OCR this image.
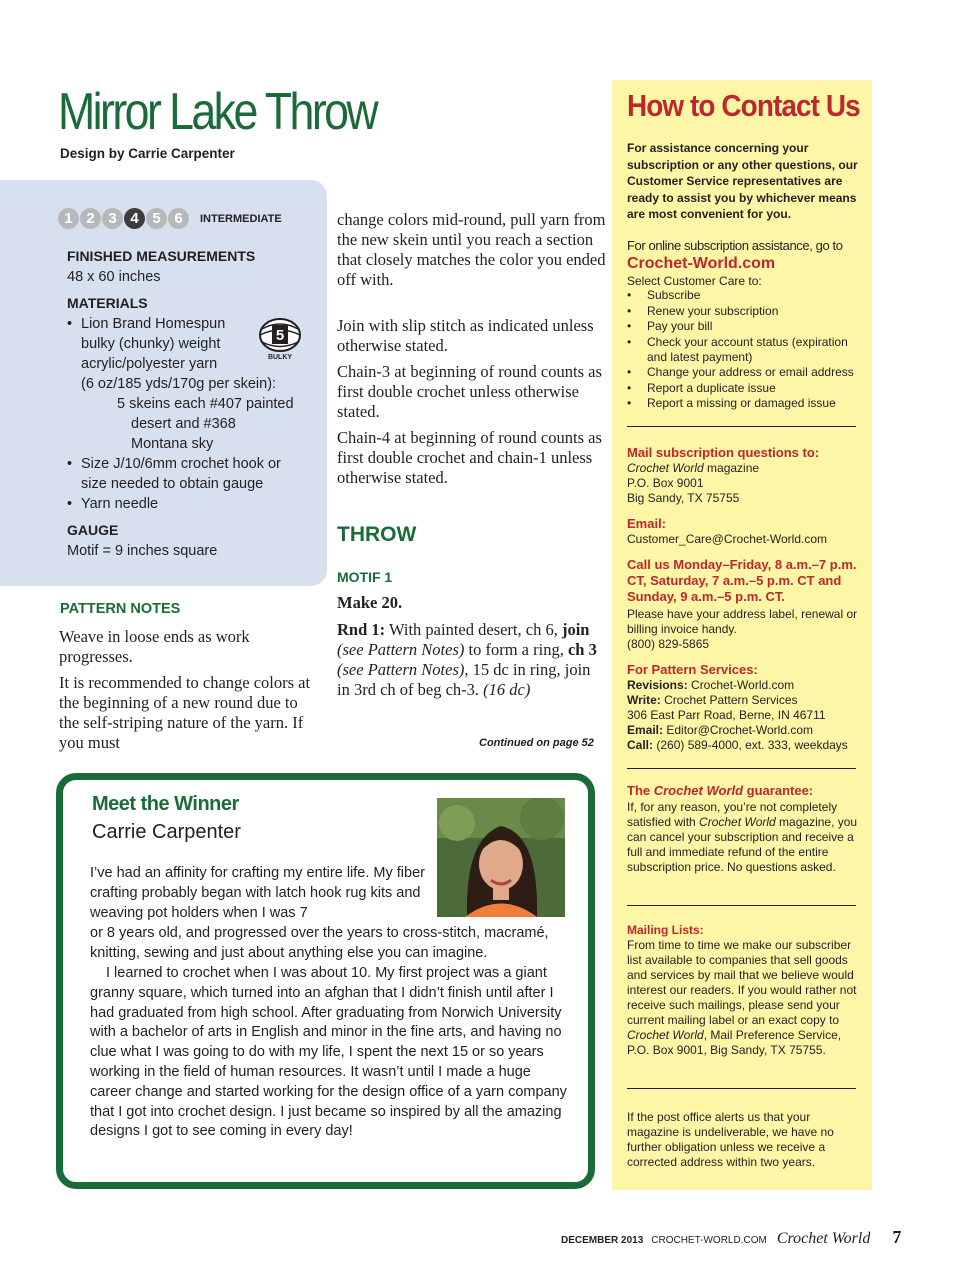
Mirror Lake Throw
Design by Carrie Carpenter
1 2 3 4 5 6	INTERMEDIATE
FINISHED MEASUREMENTS
48 x 60 inches
MATERIALS
• Lion Brand Homespun
bulky (chunky) weight
acrylic/polyester yarn
(6 oz/185 yds/170g per skein):
5 skeins each #407 painted
desert and #368
Montana sky
• Size J/10/6mm crochet hook or size needed to obtain gauge
• Yarn needle
5
BULKY
GAUGE
Motif = 9 inches square
PATTERN NOTES

Weave in loose ends as work progresses.

It is recommended to change colors at the beginning of a new round due to the self-striping nature of the yarn. If you must

change colors mid-round, pull yarn from the new skein until you reach a section that closely matches the color you ended off with.

Join with slip stitch as indicated unless otherwise stated.

Chain-3 at beginning of round counts as first double crochet unless otherwise stated.

Chain-4 at beginning of round counts as first double crochet and chain-1 unless otherwise stated.

THROW
MOTIF 1

Make 20.

Rnd 1: With painted desert, ch 6, join (see Pattern Notes) to form a ring, ch 3 (see Pattern Notes), 15 dc in ring, join in 3rd ch of beg ch-3. (16 dc)

Continued on page 52
Meet the Winner
Carrie Carpenter

I’ve had an affinity for crafting my entire life. My fiber crafting probably began with latch hook rug kits and weaving pot holders when I was 7

or 8 years old, and progressed over the years to cross-stitch, macramé, knitting, sewing and just about anything else you can imagine.

I learned to crochet when I was about 10. My first project was a giant granny square, which turned into an afghan that I didn’t finish until after I had graduated from high school. After graduating from Norwich University with a bachelor of arts in English and minor in the fine arts, and having no clue what I was going to do with my life, I spent the next 15 or so years working in the field of human resources. It wasn’t until I made a huge career change and started working for the design office of a yarn company that I got into crochet design. I just became so inspired by all the amazing designs I got to see coming in every day!

How to Contact Us

For assistance concerning your subscription or any other questions, our Customer Service representatives are ready to assist you by whichever means are most convenient for you.

For online subscription assistance, go to

Crochet-World.com

Select Customer Care to:

• Subscribe
• Renew your subscription
• Pay your bill
• Check your account status (expiration and latest payment)
• Change your address or email address
• Report a duplicate issue
• Report a missing or damaged issue

Mail subscription questions to:

Crochet World magazine
P.O. Box 9001
Big Sandy, TX 75755

Email:

Customer_Care@Crochet-World.com

Call us Monday–Friday, 8 a.m.–7 p.m. CT, Saturday, 7 a.m.–5 p.m. CT and Sunday, 9 a.m.–5 p.m. CT.

Please have your address label, renewal or billing invoice handy.
(800) 829-5865

For Pattern Services:

Revisions: Crochet-World.com
Write: Crochet Pattern Services
306 East Parr Road, Berne, IN 46711
Email: Editor@Crochet-World.com
Call: (260) 589-4000, ext. 333, weekdays

The Crochet World guarantee:

If, for any reason, you’re not completely satisfied with Crochet World magazine, you can cancel your subscription and receive a full and immediate refund of the entire subscription price. No questions asked.

Mailing Lists:

From time to time we make our subscriber list available to companies that sell goods and services by mail that we believe would interest our readers. If you would rather not receive such mailings, please send your current mailing label or an exact copy to Crochet World, Mail Preference Service, P.O. Box 9001, Big Sandy, TX 75755.

If the post office alerts us that your magazine is undeliverable, we have no further obligation unless we receive a corrected address within two years.

DECEMBER 2013 CROCHET-WORLD.COM Crochet World 7
